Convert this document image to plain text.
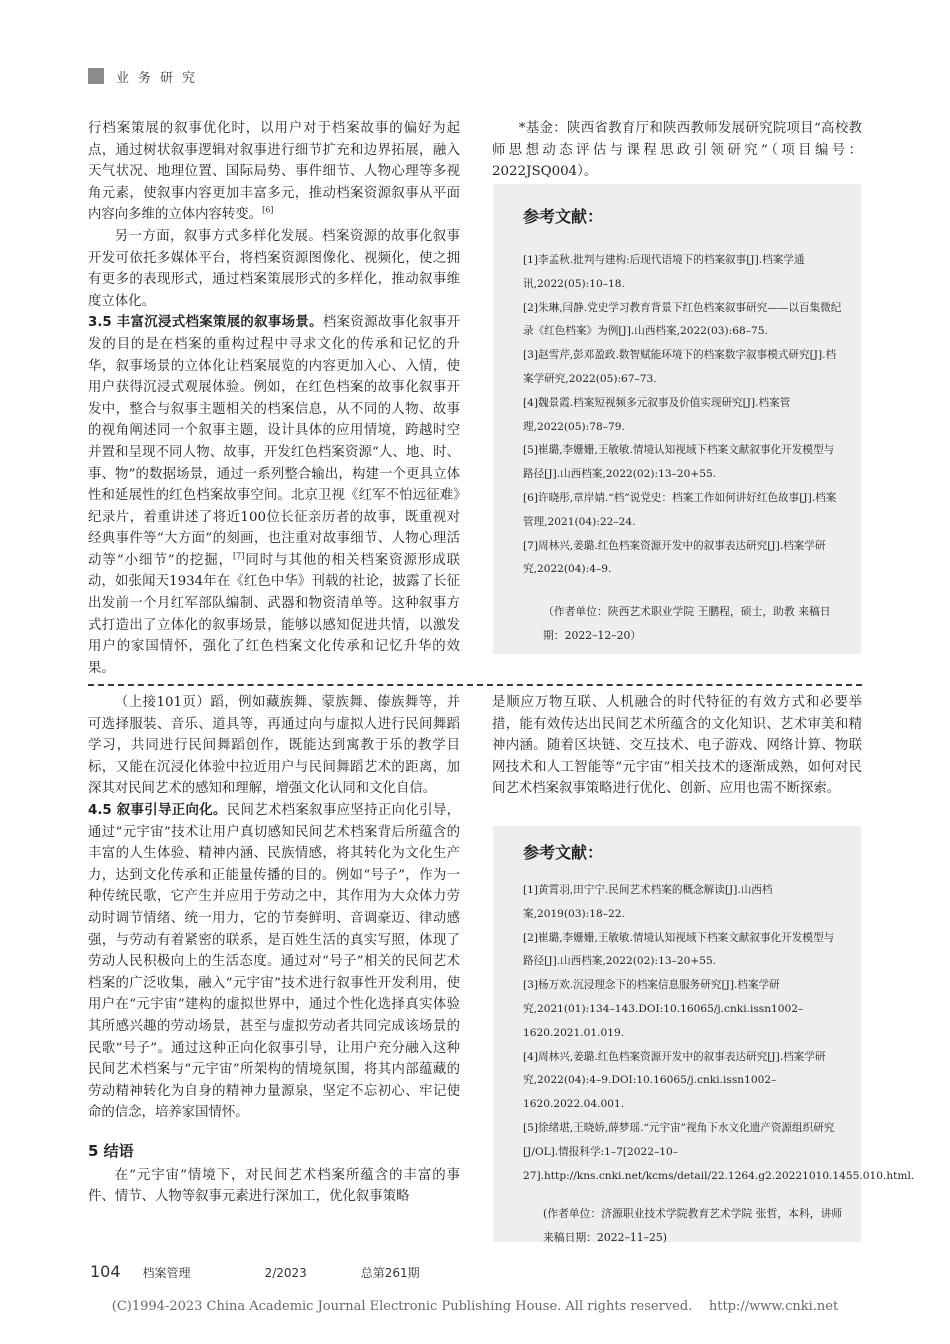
业务研究

行档案策展的叙事优化时，以用户对于档案故事的偏好为起点，通过树状叙事逻辑对叙事进行细节扩充和边界拓展，融入天气状况、地理位置、国际局势、事件细节、人物心理等多视角元素，使叙事内容更加丰富多元，推动档案资源叙事从平面内容向多维的立体内容转变。[6]

另一方面，叙事方式多样化发展。档案资源的故事化叙事开发可依托多媒体平台，将档案资源图像化、视频化，使之拥有更多的表现形式，通过档案策展形式的多样化，推动叙事维度立体化。

3.5 丰富沉浸式档案策展的叙事场景。档案资源故事化叙事开发的目的是在档案的重构过程中寻求文化的传承和记忆的升华，叙事场景的立体化让档案展览的内容更加入心、入情，使用户获得沉浸式观展体验。例如，在红色档案的故事化叙事开发中，整合与叙事主题相关的档案信息，从不同的人物、故事的视角阐述同一个叙事主题，设计具体的应用情境，跨越时空并置和呈现不同人物、故事，开发红色档案资源“人、地、时、事、物”的数据场景，通过一系列整合输出，构建一个更具立体性和延展性的红色档案故事空间。北京卫视《红军不怕远征难》纪录片，着重讲述了将近100位长征亲历者的故事，既重视对经典事件等“大方面”的刻画，也注重对故事细节、人物心理活动等“小细节”的挖掘，[7]同时与其他的相关档案资源形成联动，如张闻天1934年在《红色中华》刊载的社论，披露了长征出发前一个月红军部队编制、武器和物资清单等。这种叙事方式打造出了立体化的叙事场景，能够以感知促进共情，以激发用户的家国情怀，强化了红色档案文化传承和记忆升华的效果。

*基金：陕西省教育厅和陕西教师发展研究院项目“高校教师思想动态评估与课程思政引领研究”（项目编号：2022JSQ004）。

参考文献：

[1]李孟秋.批判与建构:后现代语境下的档案叙事[J].档案学通讯,2022(05):10–18.
[2]朱琳,闫静.党史学习教育背景下红色档案叙事研究——以百集微纪录《红色档案》为例[J].山西档案,2022(03):68–75.
[3]赵雪芹,彭邓盈政.数智赋能环境下的档案数字叙事模式研究[J].档案学研究,2022(05):67–73.
[4]魏景霞.档案短视频多元叙事及价值实现研究[J].档案管理,2022(05):78–79.
[5]崔璐,李姗姗,王敏敏.情境认知视域下档案文献叙事化开发模型与路径[J].山西档案,2022(02):13–20+55.
[6]许晓彤,章岸婧.“档”说党史：档案工作如何讲好红色故事[J].档案管理,2021(04):22–24.
[7]周林兴,姜璐.红色档案资源开发中的叙事表达研究[J].档案学研究,2022(04):4–9.

（作者单位：陕西艺术职业学院 王鹏程，硕士，助教 来稿日期：2022–12–20）

（上接101页）蹈，例如藏族舞、蒙族舞、傣族舞等，并可选择服装、音乐、道具等，再通过向与虚拟人进行民间舞蹈学习，共同进行民间舞蹈创作，既能达到寓教于乐的教学目标，又能在沉浸化体验中拉近用户与民间舞蹈艺术的距离，加深其对民间艺术的感知和理解，增强文化认同和文化自信。

4.5 叙事引导正向化。民间艺术档案叙事应坚持正向化引导，通过“元宇宙”技术让用户真切感知民间艺术档案背后所蕴含的丰富的人生体验、精神内涵、民族情感，将其转化为文化生产力，达到文化传承和正能量传播的目的。例如“号子”，作为一种传统民歌，它产生并应用于劳动之中，其作用为大众体力劳动时调节情绪、统一用力，它的节奏鲜明、音调豪迈、律动感强，与劳动有着紧密的联系，是百姓生活的真实写照，体现了劳动人民积极向上的生活态度。通过对“号子”相关的民间艺术档案的广泛收集，融入“元宇宙”技术进行叙事性开发利用，使用户在“元宇宙”建构的虚拟世界中，通过个性化选择真实体验其所感兴趣的劳动场景，甚至与虚拟劳动者共同完成该场景的民歌“号子”。通过这种正向化叙事引导，让用户充分融入这种民间艺术档案与“元宇宙”所架构的情境氛围，将其内部蕴藏的劳动精神转化为自身的精神力量源泉，坚定不忘初心、牢记使命的信念，培养家国情怀。

5 结语

在“元宇宙”情境下，对民间艺术档案所蕴含的丰富的事件、情节、人物等叙事元素进行深加工，优化叙事策略

是顺应万物互联、人机融合的时代特征的有效方式和必要举措，能有效传达出民间艺术所蕴含的文化知识、艺术审美和精神内涵。随着区块链、交互技术、电子游戏、网络计算、物联网技术和人工智能等“元宇宙”相关技术的逐渐成熟，如何对民间艺术档案叙事策略进行优化、创新、应用也需不断探索。

参考文献：

[1]黄霄羽,田宁宁.民间艺术档案的概念解读[J].山西档案,2019(03):18–22.
[2]崔璐,李姗姗,王敏敏.情境认知视域下档案文献叙事化开发模型与路径[J].山西档案,2022(02):13–20+55.
[3]杨万欢.沉浸理念下的档案信息服务研究[J].档案学研究,2021(01):134–143.DOI:10.16065/j.cnki.issn1002–1620.2021.01.019.
[4]周林兴,姜璐.红色档案资源开发中的叙事表达研究[J].档案学研究,2022(04):4–9.DOI:10.16065/j.cnki.issn1002–1620.2022.04.001.
[5]徐绪堪,王晓娇,薛梦瑶.“元宇宙”视角下水文化遗产资源组织研究[J/OL].情报科学:1–7[2022–10–27].http://kns.cnki.net/kcms/detail/22.1264.g2.20221010.1455.010.html.

(作者单位：济源职业技术学院教育艺术学院 张哲，本科，讲师 来稿日期：2022–11–25)

104 档案管理	2/2023	总第261期
(C)1994-2023 China Academic Journal Electronic Publishing House. All rights reserved.    http://www.cnki.net
